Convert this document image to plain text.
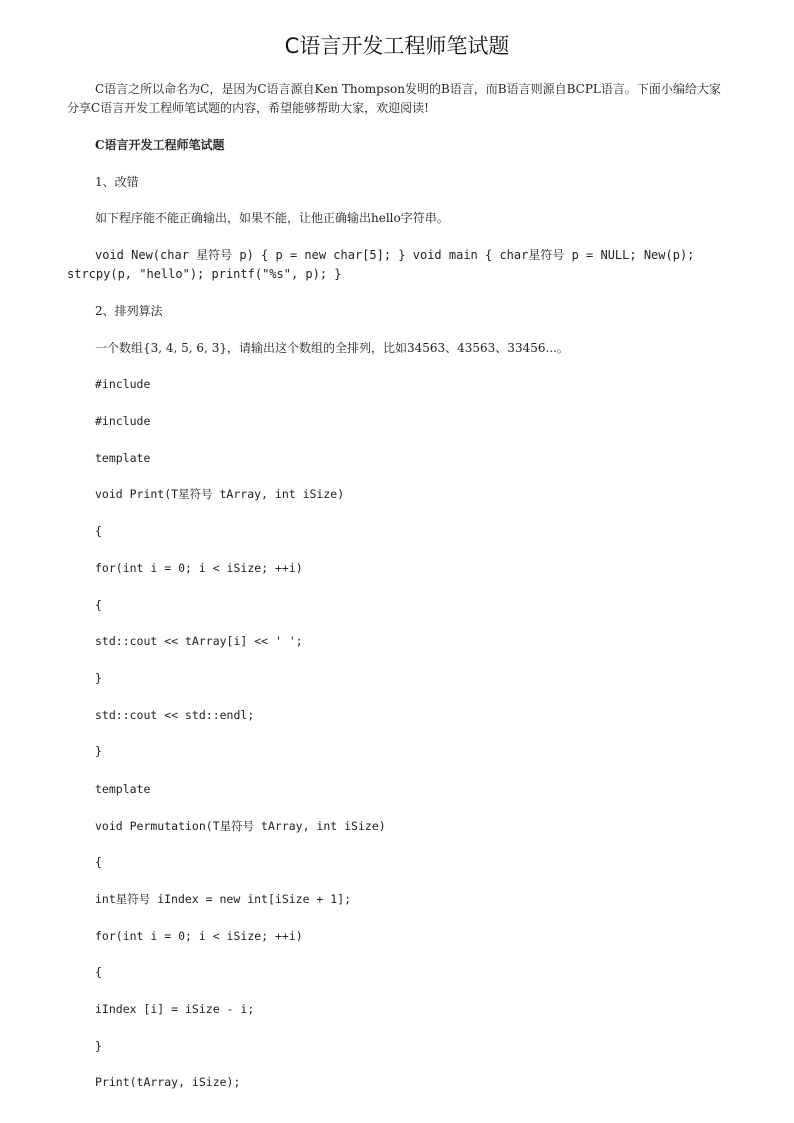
C语言开发工程师笔试题

C语言之所以命名为C，是因为C语言源自Ken Thompson发明的B语言，而B语言则源自BCPL语言。下面小编给大家分享C语言开发工程师笔试题的内容，希望能够帮助大家，欢迎阅读!

C语言开发工程师笔试题

1、改错

如下程序能不能正确输出，如果不能，让他正确输出hello字符串。

void New(char 星符号 p) { p = new char[5]; } void main { char星符号 p = NULL; New(p); strcpy(p, "hello"); printf("%s", p); }

2、排列算法

一个数组{3, 4, 5, 6, 3}，请输出这个数组的全排列，比如34563、43563、33456...。

#include

#include

template

void Print(T星符号 tArray, int iSize)

{

for(int i = 0; i < iSize; ++i)

{

std::cout << tArray[i] << ' ';

}

std::cout << std::endl;

}

template

void Permutation(T星符号 tArray, int iSize)

{

int星符号 iIndex = new int[iSize + 1];

for(int i = 0; i < iSize; ++i)

{

iIndex [i] = iSize - i;

}

Print(tArray, iSize);
